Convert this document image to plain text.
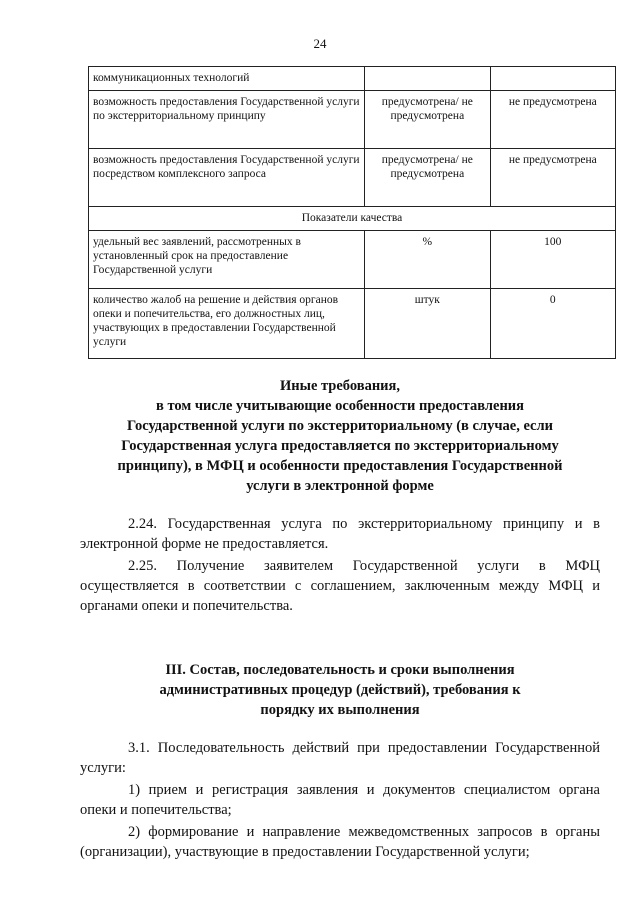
24
коммуникационных технологий		
возможность предоставления Государственной услуги по экстерриториальному принципу	предусмотрена/ не предусмотрена	не предусмотрена
возможность предоставления Государственной услуги посредством комплексного запроса	предусмотрена/ не предусмотрена	не предусмотрена
Показатели качества		
удельный вес заявлений, рассмотренных в установленный срок на предоставление Государственной услуги	%	100
количество жалоб на решение и действия органов опеки и попечительства, его должностных лиц, участвующих в предоставлении Государственной услуги	штук	0
Иные требования,
в том числе учитывающие особенности предоставления
Государственной услуги по экстерриториальному (в случае, если
Государственная услуга предоставляется по экстерриториальному
принципу), в МФЦ и особенности предоставления Государственной
услуги в электронной форме

2.24. Государственная услуга по экстерриториальному принципу и в электронной форме не предоставляется.

2.25. Получение заявителем Государственной услуги в МФЦ осуществляется в соответствии с соглашением, заключенным между МФЦ и органами опеки и попечительства.

III. Состав, последовательность и сроки выполнения
административных процедур (действий), требования к
порядку их выполнения

3.1. Последовательность действий при предоставлении Государственной услуги:

1) прием и регистрация заявления и документов специалистом органа опеки и попечительства;

2) формирование и направление межведомственных запросов в органы (организации), участвующие в предоставлении Государственной услуги;
